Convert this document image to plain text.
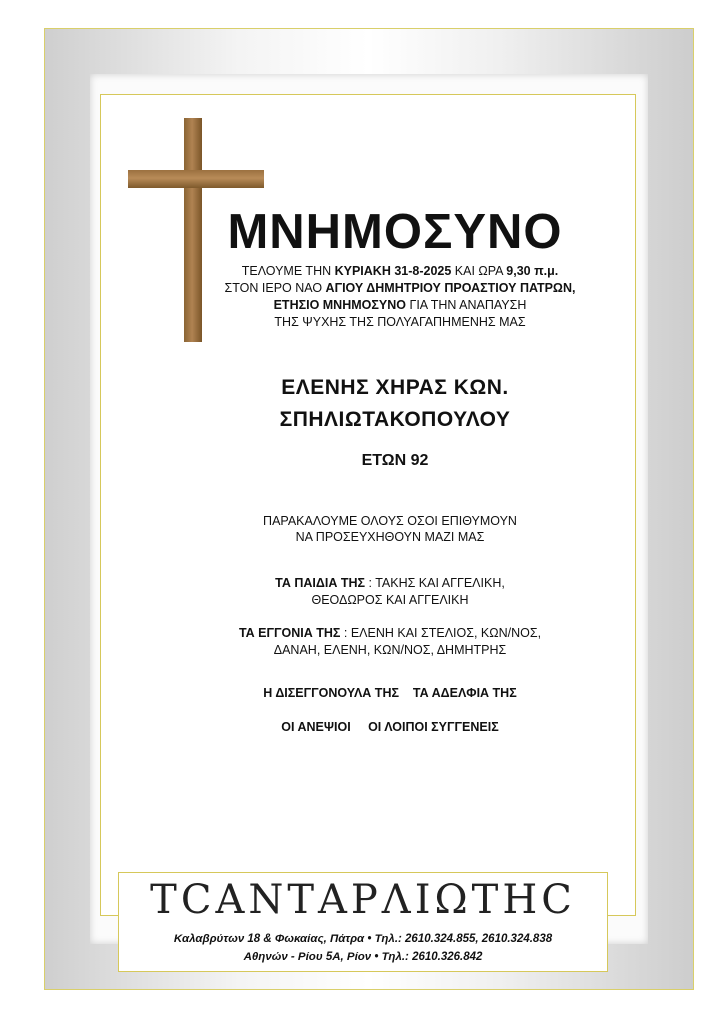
ΜΝΗΜΟΣΥΝΟ
ΤΕΛΟΥΜΕ ΤΗΝ ΚΥΡΙΑΚΗ 31-8-2025 ΚΑΙ ΩΡΑ 9,30 π.μ.
ΣΤΟΝ ΙΕΡΟ ΝΑΟ ΑΓΙΟΥ ΔΗΜΗΤΡΙΟΥ ΠΡΟΑΣΤΙΟΥ ΠΑΤΡΩΝ,
ΕΤΗΣΙΟ ΜΝΗΜΟΣΥΝΟ ΓΙΑ ΤΗΝ ΑΝΑΠΑΥΣΗ
ΤΗΣ ΨΥΧΗΣ ΤΗΣ ΠΟΛΥΑΓΑΠΗΜΕΝΗΣ ΜΑΣ
ΕΛΕΝΗΣ ΧΗΡΑΣ ΚΩΝ.
ΣΠΗΛΙΩΤΑΚΟΠΟΥΛΟΥ
ΕΤΩΝ 92
ΠΑΡΑΚΑΛΟΥΜΕ ΟΛΟΥΣ ΟΣΟΙ ΕΠΙΘΥΜΟΥΝ
ΝΑ ΠΡΟΣΕΥΧΗΘΟΥΝ ΜΑΖΙ ΜΑΣ
ΤΑ ΠΑΙΔΙΑ ΤΗΣ : ΤΑΚΗΣ ΚΑΙ ΑΓΓΕΛΙΚΗ,
ΘΕΟΔΩΡΟΣ ΚΑΙ ΑΓΓΕΛΙΚΗ
ΤΑ ΕΓΓΟΝΙΑ ΤΗΣ : ΕΛΕΝΗ ΚΑΙ ΣΤΕΛΙΟΣ, ΚΩΝ/ΝΟΣ,
ΔΑΝΑΗ, ΕΛΕΝΗ, ΚΩΝ/ΝΟΣ, ΔΗΜΗΤΡΗΣ
Η ΔΙΣΕΓΓΟΝΟΥΛΑ ΤΗΣ ΤΑ ΑΔΕΛΦΙΑ ΤΗΣ
ΟΙ ΑΝΕΨΙΟΙ ΟΙ ΛΟΙΠΟΙ ΣΥΓΓΕΝΕΙΣ
ΤCΑΝΤΑΡΛΙΩΤΗC
Καλαβρύτων 18 & Φωκαίας, Πάτρα • Τηλ.: 2610.324.855, 2610.324.838
Αθηνών - Ρίου 5Α, Ρίον • Τηλ.: 2610.326.842
